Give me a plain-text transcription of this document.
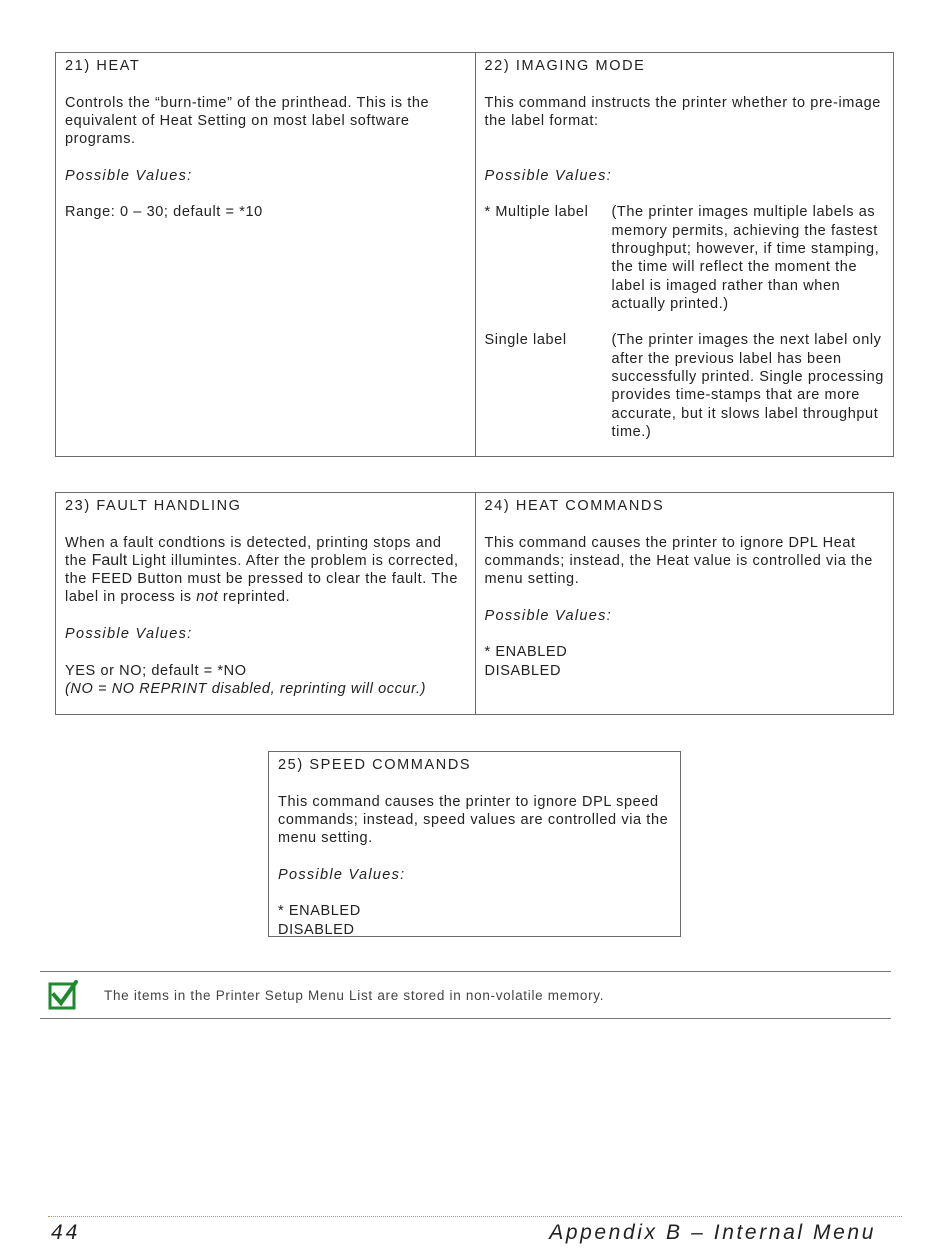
21) HEAT
Controls the “burn-time” of the printhead. This is the equivalent of Heat Setting on most label software programs.
Possible Values:
Range: 0 – 30; default = *10
22) IMAGING MODE
This command instructs the printer whether to pre-image the label format:
Possible Values:
* Multiple label	(The printer images multiple labels as memory permits, achieving the fastest throughput; however, if time stamping, the time will reflect the moment the label is imaged rather than when actually printed.)
Single label	(The printer images the next label only after the previous label has been successfully printed. Single processing provides time-stamps that are more accurate, but it slows label throughput time.)
23) FAULT HANDLING
When a fault condtions is detected, printing stops and the Fault Light illumintes. After the problem is corrected, the FEED Button must be pressed to clear the fault. The label in process is not reprinted.
Possible Values:
YES or NO; default = *NO
(NO = NO REPRINT disabled, reprinting will occur.)
24) HEAT COMMANDS
This command causes the printer to ignore DPL Heat commands; instead, the Heat value is controlled via the menu setting.
Possible Values:
* ENABLED
DISABLED
25) SPEED COMMANDS
This command causes the printer to ignore DPL speed commands; instead, speed values are controlled via the menu setting.
Possible Values:
* ENABLED
DISABLED
The items in the Printer Setup Menu List are stored in non-volatile memory.
44	Appendix B – Internal Menu
